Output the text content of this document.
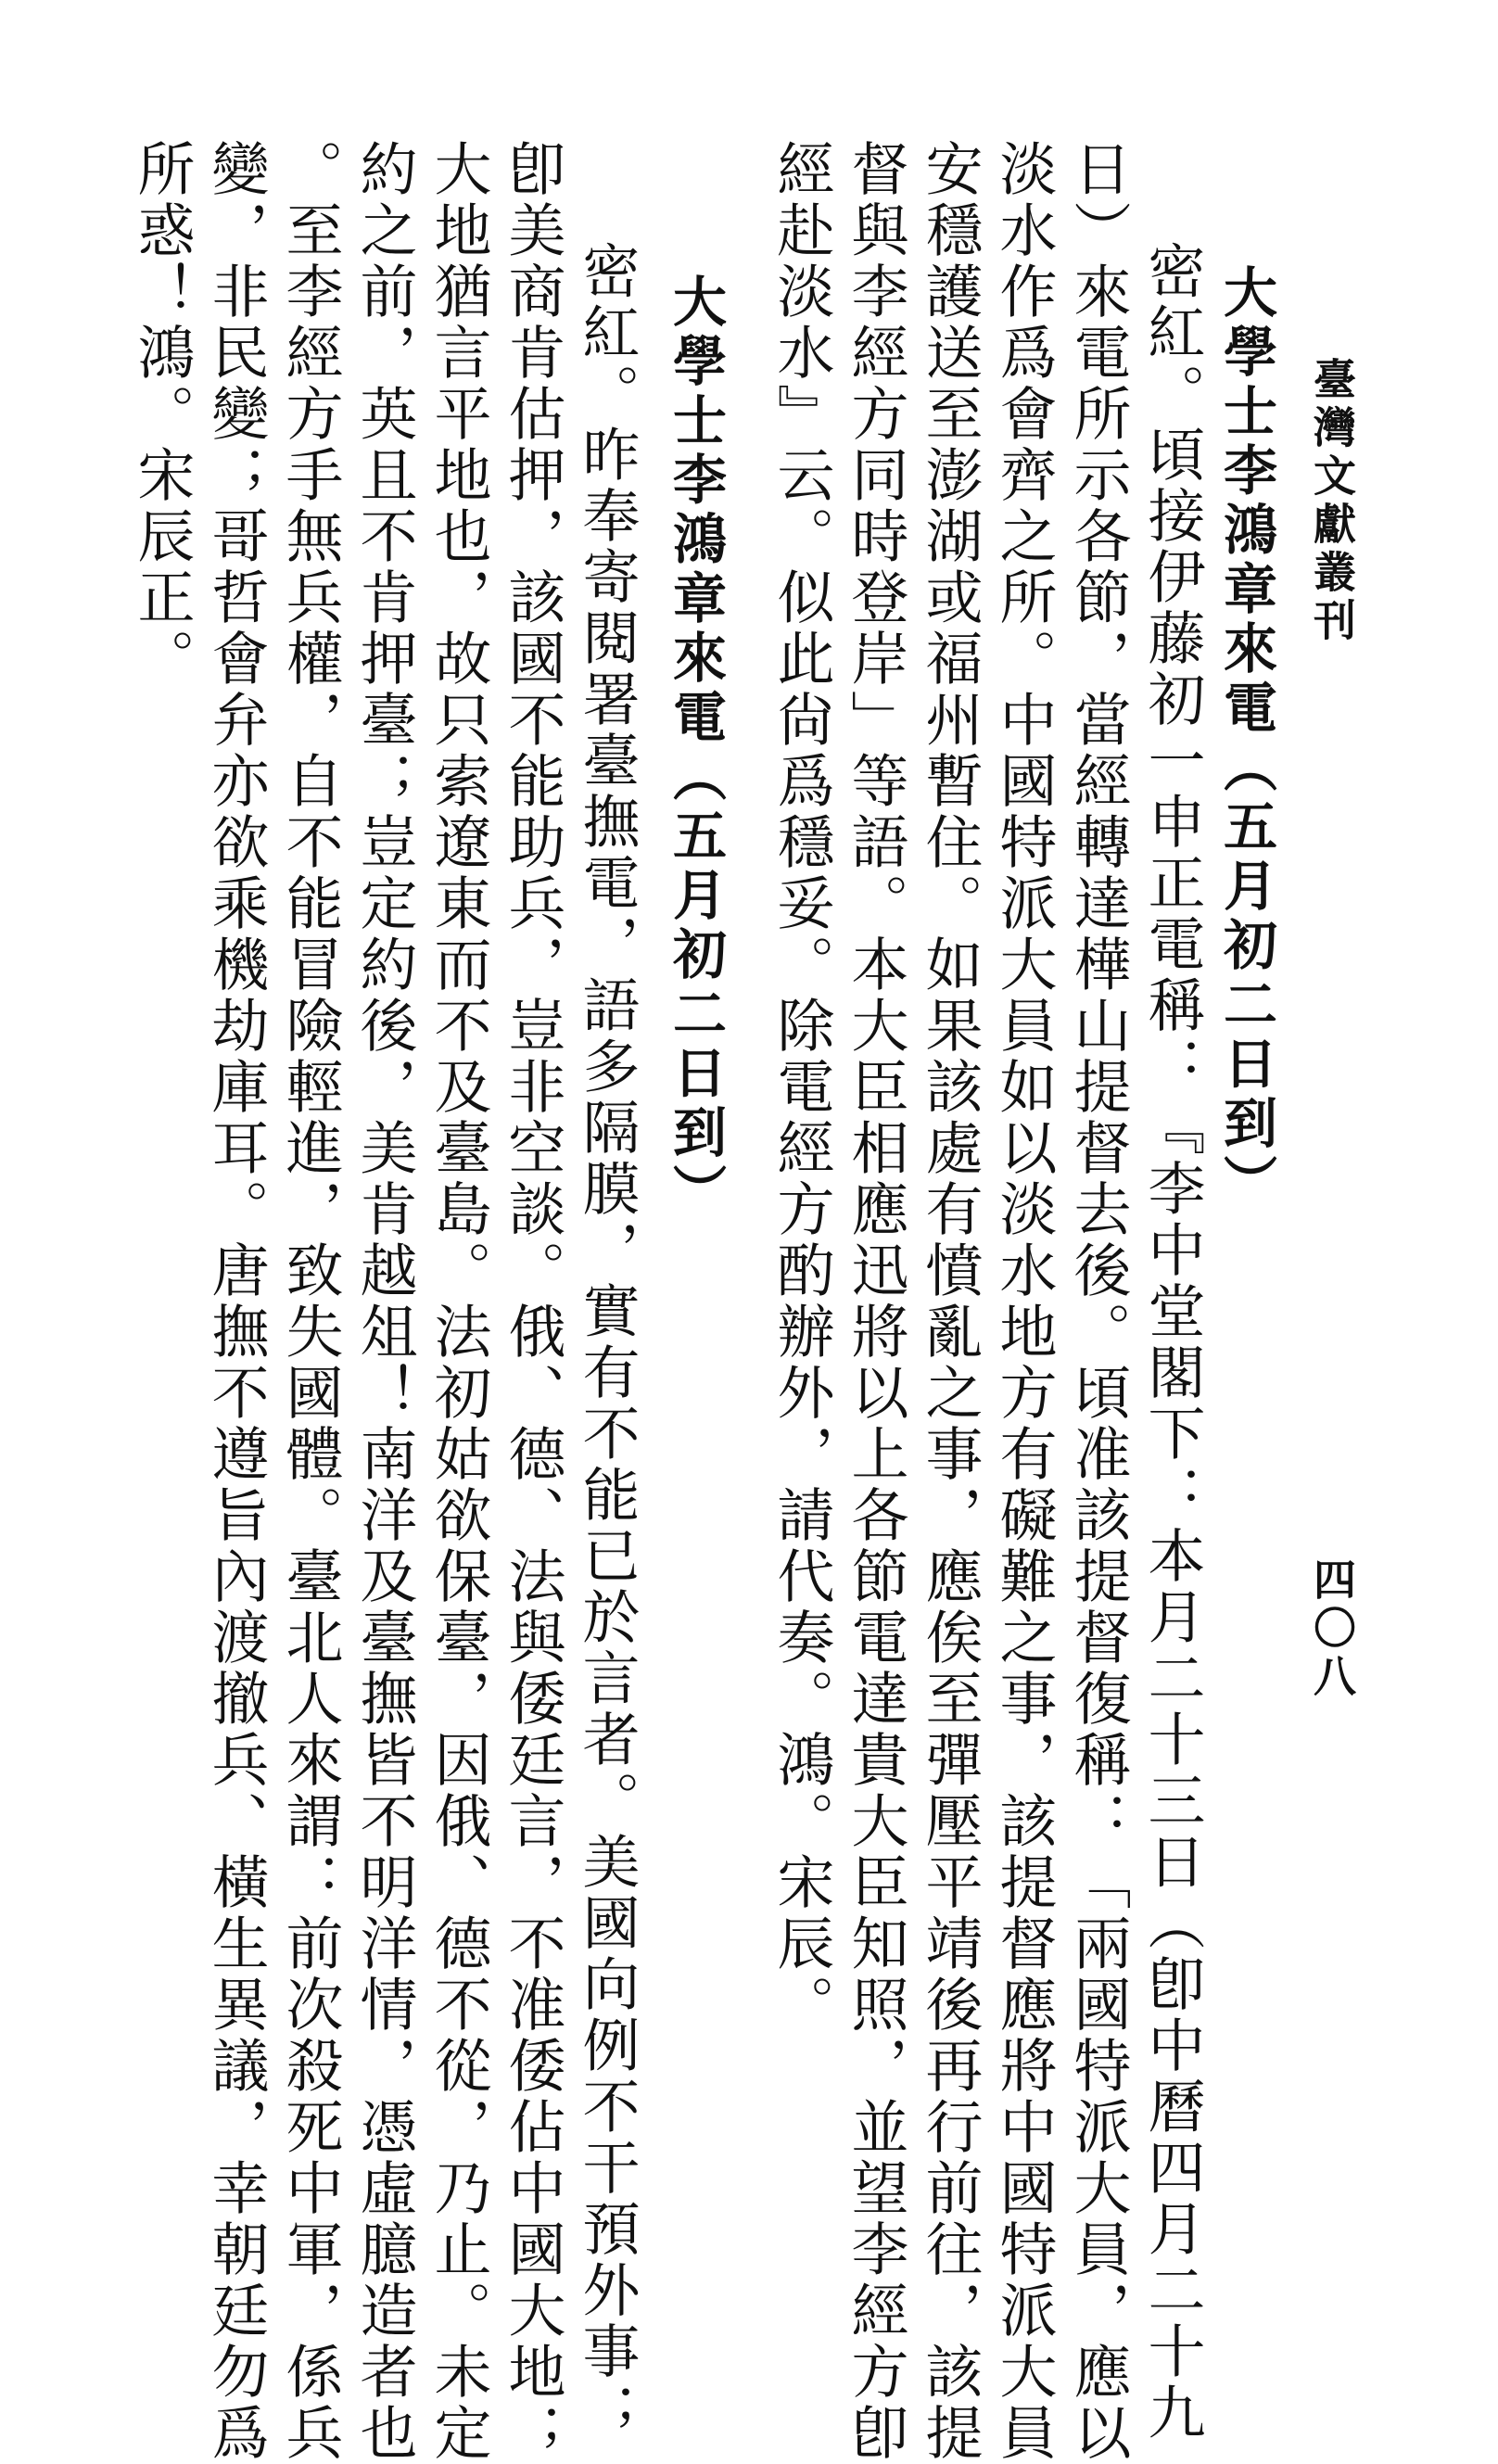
臺灣文獻叢刊
四〇八
大學士李鴻章來電（五月初二日到）
密紅。頃接伊藤初一申正電稱：『李中堂閣下：本月二十三日（卽中曆四月二十九
日）來電所示各節，當經轉達樺山提督去後。頃准該提督復稱：「兩國特派大員，應以
淡水作爲會齊之所。中國特派大員如以淡水地方有礙難之事，該提督應將中國特派大員
安穩護送至澎湖或福州暫住。如果該處有憤亂之事，應俟至彈壓平靖後再行前往，該提
督與李經方同時登岸」等語。本大臣相應迅將以上各節電達貴大臣知照，並望李經方卽
經赴淡水』云。似此尙爲穩妥。除電經方酌辦外，請代奏。鴻。宋辰。
大學士李鴻章來電（五月初二日到）
密紅。昨奉寄閱署臺撫電，語多隔膜，實有不能已於言者。美國向例不干預外事；
卽美商肯估押，該國不能助兵，豈非空談。俄、德、法與倭廷言，不准倭佔中國大地；
大地猶言平地也，故只索遼東而不及臺島。法初姑欲保臺，因俄、德不從，乃止。未定
約之前，英且不肯押臺；豈定約後，美肯越俎！南洋及臺撫皆不明洋情，憑虛臆造者也
。至李經方手無兵權，自不能冒險輕進，致失國體。臺北人來謂：前次殺死中軍，係兵
變，非民變；哥哲會弁亦欲乘機劫庫耳。唐撫不遵旨內渡撤兵、橫生異議，幸朝廷勿爲
所惑！鴻。宋辰正。
